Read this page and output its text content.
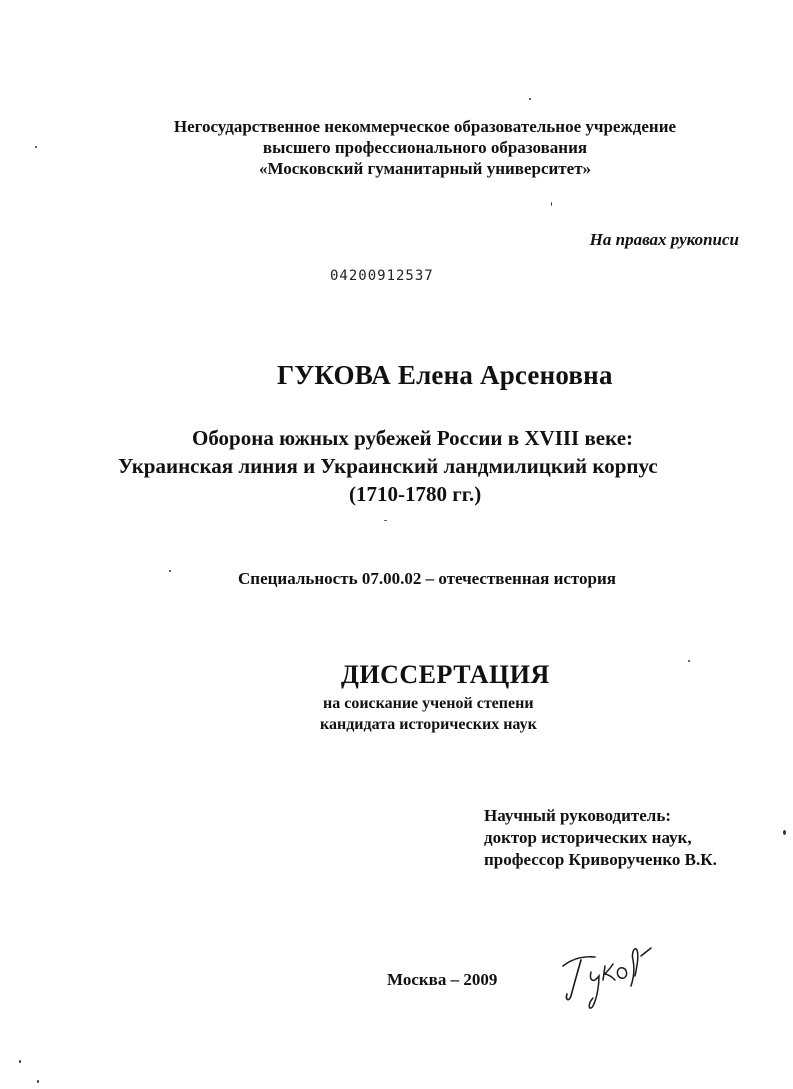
Негосударственное некоммерческое образовательное учреждение
высшего профессионального образования
«Московский гуманитарный университет»
На правах рукописи
04200912537
ГУКОВА Елена Арсеновна
Оборона южных рубежей России в XVIII веке:
Украинская линия и Украинский ландмилицкий корпус
(1710-1780 гг.)
Специальность 07.00.02 – отечественная история
ДИССЕРТАЦИЯ
на соискание ученой степени
кандидата исторических наук
Научный руководитель:
доктор исторических наук,
профессор Криворученко В.К.
Москва – 2009
